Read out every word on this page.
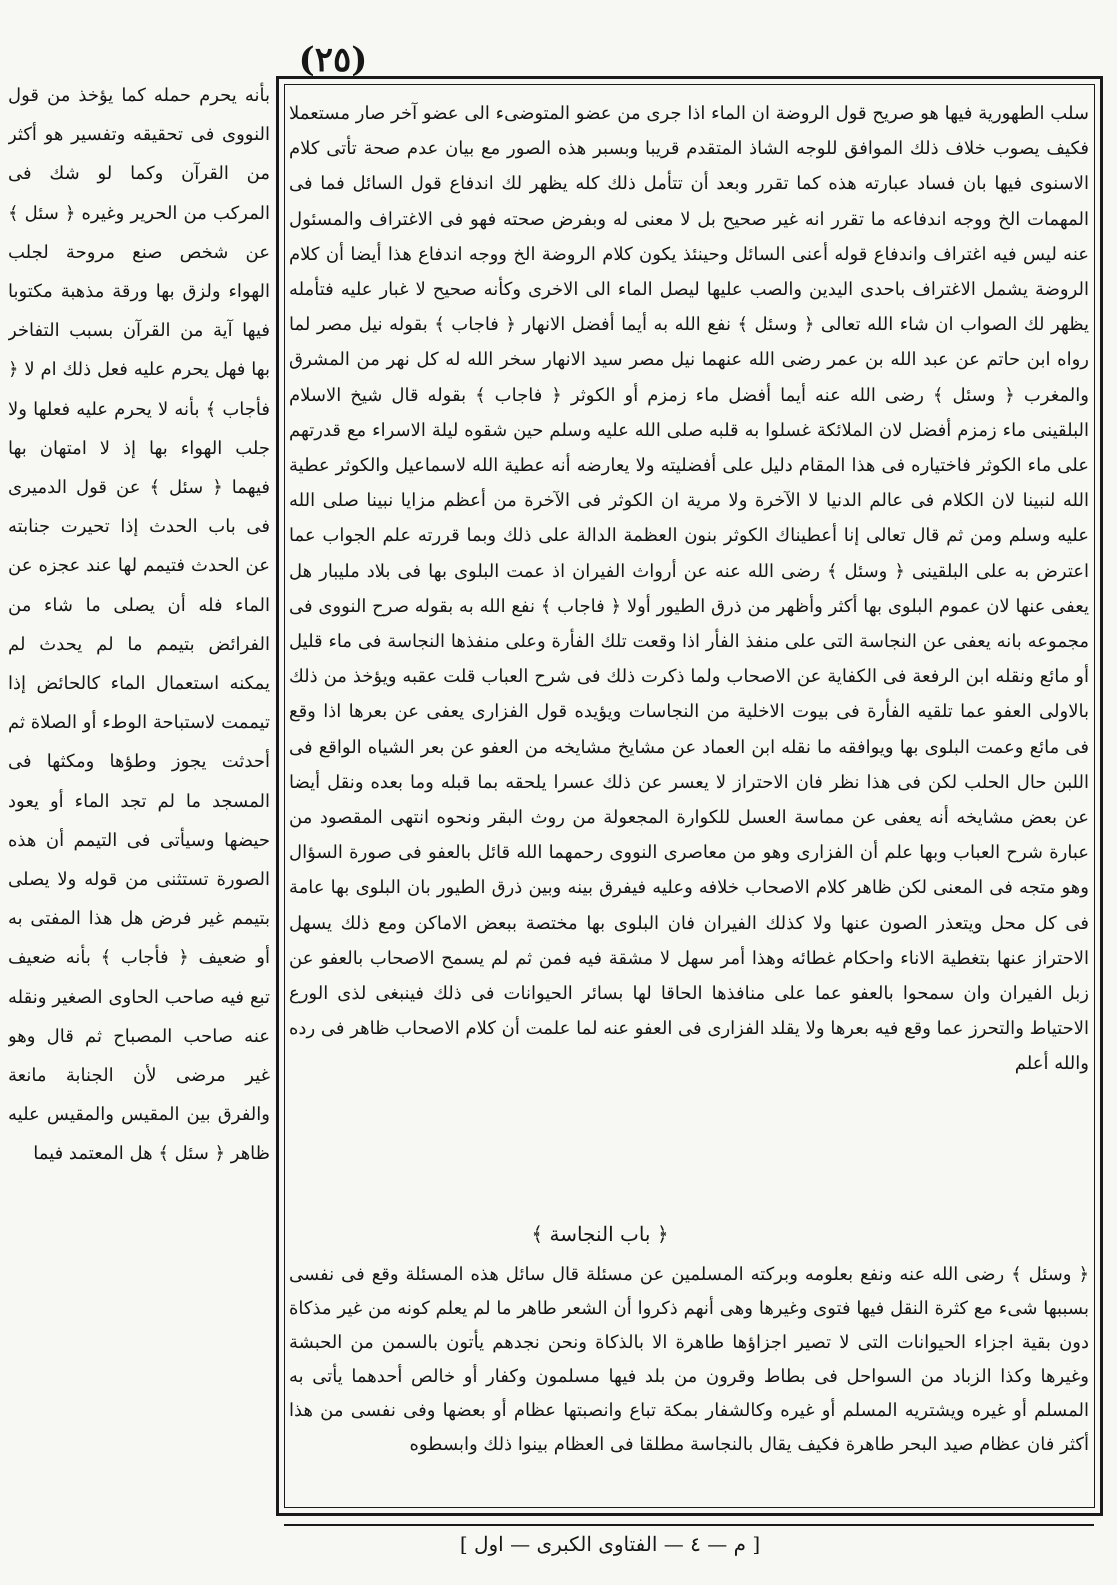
(٢٥)
بأنه يحرم حمله كما يؤخذ من قول النووى فى تحقيقه وتفسير هو أكثر من القرآن وكما لو شك فى المركب من الحرير وغيره ﴿ سئل ﴾ عن شخص صنع مروحة لجلب الهواء ولزق بها ورقة مذهبة مكتوبا فيها آية من القرآن بسبب التفاخر بها فهل يحرم عليه فعل ذلك ام لا ﴿ فأجاب ﴾ بأنه لا يحرم عليه فعلها ولا جلب الهواء بها إذ لا امتهان بها فيهما ﴿ سئل ﴾ عن قول الدميرى فى باب الحدث إذا تحيرت جنابته عن الحدث فتيمم لها عند عجزه عن الماء فله أن يصلى ما شاء من الفرائض بتيمم ما لم يحدث لم يمكنه استعمال الماء كالحائض إذا تيممت لاستباحة الوطء أو الصلاة ثم أحدثت يجوز وطؤها ومكثها فى المسجد ما لم تجد الماء أو يعود حيضها وسيأتى فى التيمم أن هذه الصورة تستثنى من قوله ولا يصلى بتيمم غير فرض هل هذا المفتى به أو ضعيف ﴿ فأجاب ﴾ بأنه ضعيف تبع فيه صاحب الحاوى الصغير ونقله عنه صاحب المصباح ثم قال وهو غير مرضى لأن الجنابة مانعة والفرق بين المقيس والمقيس عليه ظاهر ﴿ سئل ﴾ هل المعتمد فيما
سلب الطهورية فيها هو صريح قول الروضة ان الماء اذا جرى من عضو المتوضىء الى عضو آخر صار مستعملا فكيف يصوب خلاف ذلك الموافق للوجه الشاذ المتقدم قريبا وبسبر هذه الصور مع بيان عدم صحة تأتى كلام الاسنوى فيها بان فساد عبارته هذه كما تقرر وبعد أن تتأمل ذلك كله يظهر لك اندفاع قول السائل فما فى المهمات الخ ووجه اندفاعه ما تقرر انه غير صحيح بل لا معنى له وبفرض صحته فهو فى الاغتراف والمسئول عنه ليس فيه اغتراف واندفاع قوله أعنى السائل وحينئذ يكون كلام الروضة الخ ووجه اندفاع هذا أيضا أن كلام الروضة يشمل الاغتراف باحدى اليدين والصب عليها ليصل الماء الى الاخرى وكأنه صحيح لا غبار عليه فتأمله يظهر لك الصواب ان شاء الله تعالى ﴿ وسئل ﴾ نفع الله به أيما أفضل الانهار ﴿ فاجاب ﴾ بقوله نيل مصر لما رواه ابن حاتم عن عبد الله بن عمر رضى الله عنهما نيل مصر سيد الانهار سخر الله له كل نهر من المشرق والمغرب ﴿ وسئل ﴾ رضى الله عنه أيما أفضل ماء زمزم أو الكوثر ﴿ فاجاب ﴾ بقوله قال شيخ الاسلام البلقينى ماء زمزم أفضل لان الملائكة غسلوا به قلبه صلى الله عليه وسلم حين شقوه ليلة الاسراء مع قدرتهم على ماء الكوثر فاختياره فى هذا المقام دليل على أفضليته ولا يعارضه أنه عطية الله لاسماعيل والكوثر عطية الله لنبينا لان الكلام فى عالم الدنيا لا الآخرة ولا مرية ان الكوثر فى الآخرة من أعظم مزايا نبينا صلى الله عليه وسلم ومن ثم قال تعالى إنا أعطيناك الكوثر بنون العظمة الدالة على ذلك وبما قررته علم الجواب عما اعترض به على البلقينى ﴿ وسئل ﴾ رضى الله عنه عن أرواث الفيران اذ عمت البلوى بها فى بلاد مليبار هل يعفى عنها لان عموم البلوى بها أكثر وأظهر من ذرق الطيور أولا ﴿ فاجاب ﴾ نفع الله به بقوله صرح النووى فى مجموعه بانه يعفى عن النجاسة التى على منفذ الفأر اذا وقعت تلك الفأرة وعلى منفذها النجاسة فى ماء قليل أو مائع ونقله ابن الرفعة فى الكفاية عن الاصحاب ولما ذكرت ذلك فى شرح العباب قلت عقبه ويؤخذ من ذلك بالاولى العفو عما تلقيه الفأرة فى بيوت الاخلية من النجاسات ويؤيده قول الفزارى يعفى عن بعرها اذا وقع فى مائع وعمت البلوى بها ويوافقه ما نقله ابن العماد عن مشايخ مشايخه من العفو عن بعر الشياه الواقع فى اللبن حال الحلب لكن فى هذا نظر فان الاحتراز لا يعسر عن ذلك عسرا يلحقه بما قبله وما بعده ونقل أيضا عن بعض مشايخه أنه يعفى عن مماسة العسل للكوارة المجعولة من روث البقر ونحوه انتهى المقصود من عبارة شرح العباب وبها علم أن الفزارى وهو من معاصرى النووى رحمهما الله قائل بالعفو فى صورة السؤال وهو متجه فى المعنى لكن ظاهر كلام الاصحاب خلافه وعليه فيفرق بينه وبين ذرق الطيور بان البلوى بها عامة فى كل محل ويتعذر الصون عنها ولا كذلك الفيران فان البلوى بها مختصة ببعض الاماكن ومع ذلك يسهل الاحتراز عنها بتغطية الاناء واحكام غطائه وهذا أمر سهل لا مشقة فيه فمن ثم لم يسمح الاصحاب بالعفو عن زبل الفيران وان سمحوا بالعفو عما على منافذها الحاقا لها بسائر الحيوانات فى ذلك فينبغى لذى الورع الاحتياط والتحرز عما وقع فيه بعرها ولا يقلد الفزارى فى العفو عنه لما علمت أن كلام الاصحاب ظاهر فى رده والله أعلم
﴿ باب النجاسة ﴾
﴿ وسئل ﴾ رضى الله عنه ونفع بعلومه وبركته المسلمين عن مسئلة قال سائل هذه المسئلة وقع فى نفسى بسببها شىء مع كثرة النقل فيها فتوى وغيرها وهى أنهم ذكروا أن الشعر طاهر ما لم يعلم كونه من غير مذكاة دون بقية اجزاء الحيوانات التى لا تصير اجزاؤها طاهرة الا بالذكاة ونحن نجدهم يأتون بالسمن من الحبشة وغيرها وكذا الزباد من السواحل فى بطاط وقرون من بلد فيها مسلمون وكفار أو خالص أحدهما يأتى به المسلم أو غيره ويشتريه المسلم أو غيره وكالشفار بمكة تباع وانصبتها عظام أو بعضها وفى نفسى من هذا أكثر فان عظام صيد البحر طاهرة فكيف يقال بالنجاسة مطلقا فى العظام بينوا ذلك وابسطوه
[ م — ٤ — الفتاوى الكبرى — اول ]
